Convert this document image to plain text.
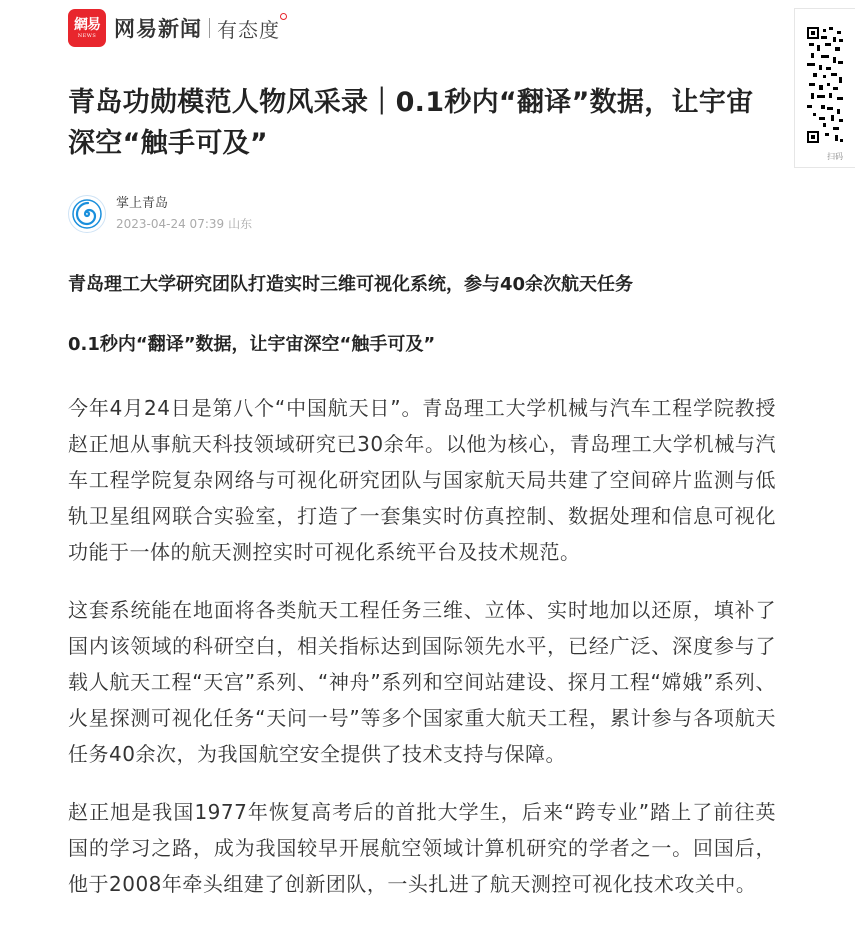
網易
NEWS 网易新闻 有态度
扫码
青岛功勋模范人物风采录｜0.1秒内“翻译”数据，让宇宙深空“触手可及”
掌上青岛
2023-04-24 07:39 山东

青岛理工大学研究团队打造实时三维可视化系统，参与40余次航天任务

0.1秒内“翻译”数据，让宇宙深空“触手可及”

今年4月24日是第八个“中国航天日”。青岛理工大学机械与汽车工程学院教授赵正旭从事航天科技领域研究已30余年。以他为核心，青岛理工大学机械与汽车工程学院复杂网络与可视化研究团队与国家航天局共建了空间碎片监测与低轨卫星组网联合实验室，打造了一套集实时仿真控制、数据处理和信息可视化功能于一体的航天测控实时可视化系统平台及技术规范。

这套系统能在地面将各类航天工程任务三维、立体、实时地加以还原，填补了国内该领域的科研空白，相关指标达到国际领先水平，已经广泛、深度参与了载人航天工程“天宫”系列、“神舟”系列和空间站建设、探月工程“嫦娥”系列、火星探测可视化任务“天问一号”等多个国家重大航天工程，累计参与各项航天任务40余次，为我国航空安全提供了技术支持与保障。

赵正旭是我国1977年恢复高考后的首批大学生，后来“跨专业”踏上了前往英国的学习之路，成为我国较早开展航空领域计算机研究的学者之一。回国后，他于2008年牵头组建了创新团队，一头扎进了航天测控可视化技术攻关中。
